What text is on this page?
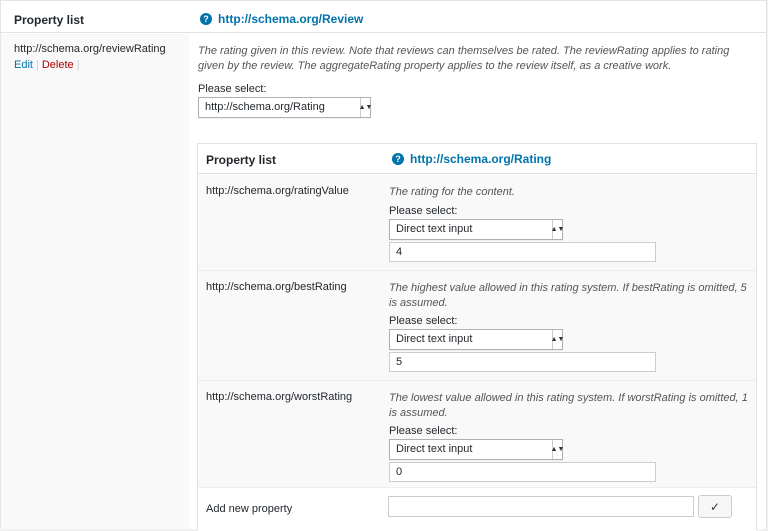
Property list	? http://schema.org/Review
http://schema.org/reviewRating
Edit | Delete |
The rating given in this review. Note that reviews can themselves be rated. The reviewRating applies to rating given by the review. The aggregateRating property applies to the review itself, as a creative work.
Please select:
http://schema.org/Rating	▲▼
Property list	? http://schema.org/Rating
http://schema.org/ratingValue	The rating for the content.
Please select:
Direct text input	▲▼
4
http://schema.org/bestRating	The highest value allowed in this rating system. If bestRating is omitted, 5 is assumed.
Please select:
Direct text input	▲▼
5
http://schema.org/worstRating	The lowest value allowed in this rating system. If worstRating is omitted, 1 is assumed.
Please select:
Direct text input	▲▼
0
Add new property	✓
